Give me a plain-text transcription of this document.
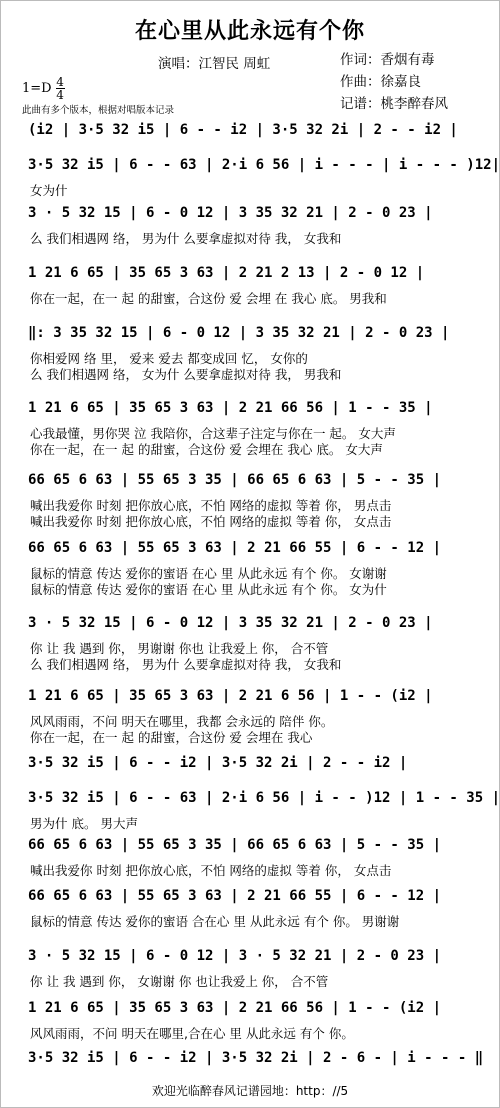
在心里从此永远有个你
演唱：江智民 周虹	作词：香烟有毒
作曲：徐嘉良
记谱：桃李醉春风
1=D 4
4
此曲有多个版本，根据对唱版本记录
(i2 | 3·5 32 i5 | 6 - - i2 | 3·5 32 2i | 2 - - i2 |
3·5 32 i5 | 6 - - 63 | 2·i 6 56 | i - - - | i - - - )12|
女为什
3 · 5 32 15 | 6 - 0 12 | 3 35 32 21 | 2 - 0 23 |
么 我们相遇网 络， 男为什 么要拿虚拟对待 我， 女我和
1 21 6 65 | 35 65 3 63 | 2 21 2 13 | 2 - 0 12 |
你在一起，在一 起 的甜蜜，合这份 爱 会埋 在 我心 底。 男我和
‖: 3 35 32 15 | 6 - 0 12 | 3 35 32 21 | 2 - 0 23 |
你相爱网 络 里， 爱来 爱去 都变成回 忆， 女你的
么 我们相遇网 络， 女为什 么要拿虚拟对待 我， 男我和
1 21 6 65 | 35 65 3 63 | 2 21 66 56 | 1 - - 35 |
心我最懂，男你哭 泣 我陪你，合这辈子注定与你在一 起。 女大声
你在一起，在一 起 的甜蜜，合这份 爱 会埋在 我心 底。 女大声
66 65 6 63 | 55 65 3 35 | 66 65 6 63 | 5 - - 35 |
喊出我爱你 时刻 把你放心底，不怕 网络的虚拟 等着 你， 男点击
喊出我爱你 时刻 把你放心底，不怕 网络的虚拟 等着 你， 女点击
66 65 6 63 | 55 65 3 63 | 2 21 66 55 | 6 - - 12 |
鼠标的情意 传达 爱你的蜜语 在心 里 从此永远 有个 你。 女谢谢
鼠标的情意 传达 爱你的蜜语 在心 里 从此永远 有个 你。 女为什
3 · 5 32 15 | 6 - 0 12 | 3 35 32 21 | 2 - 0 23 |
你 让 我 遇到 你， 男谢谢 你也 让我爱上 你， 合不管
么 我们相遇网 络， 男为什 么要拿虚拟对待 我， 女我和
1 21 6 65 | 35 65 3 63 | 2 21 6 56 | 1 - - (i2 |
风风雨雨，不问 明天在哪里，我都 会永远的 陪伴 你。
你在一起，在一 起 的甜蜜，合这份 爱 会埋在 我心
3·5 32 i5 | 6 - - i2 | 3·5 32 2i | 2 - - i2 |
3·5 32 i5 | 6 - - 63 | 2·i 6 56 | i - - )12 | 1 - - 35 |
男为什 底。 男大声
66 65 6 63 | 55 65 3 35 | 66 65 6 63 | 5 - - 35 |
喊出我爱你 时刻 把你放心底，不怕 网络的虚拟 等着 你， 女点击
66 65 6 63 | 55 65 3 63 | 2 21 66 55 | 6 - - 12 |
鼠标的情意 传达 爱你的蜜语 合在心 里 从此永远 有个 你。 男谢谢
3 · 5 32 15 | 6 - 0 12 | 3 · 5 32 21 | 2 - 0 23 |
你 让 我 遇到 你， 女谢谢 你 也让我爱上 你， 合不管
1 21 6 65 | 35 65 3 63 | 2 21 66 56 | 1 - - (i2 |
风风雨雨，不问 明天在哪里,合在心 里 从此永远 有个 你。
3·5 32 i5 | 6 - - i2 | 3·5 32 2i | 2 - 6 - | i - - - ‖
欢迎光临醉春风记谱园地：http：//5
